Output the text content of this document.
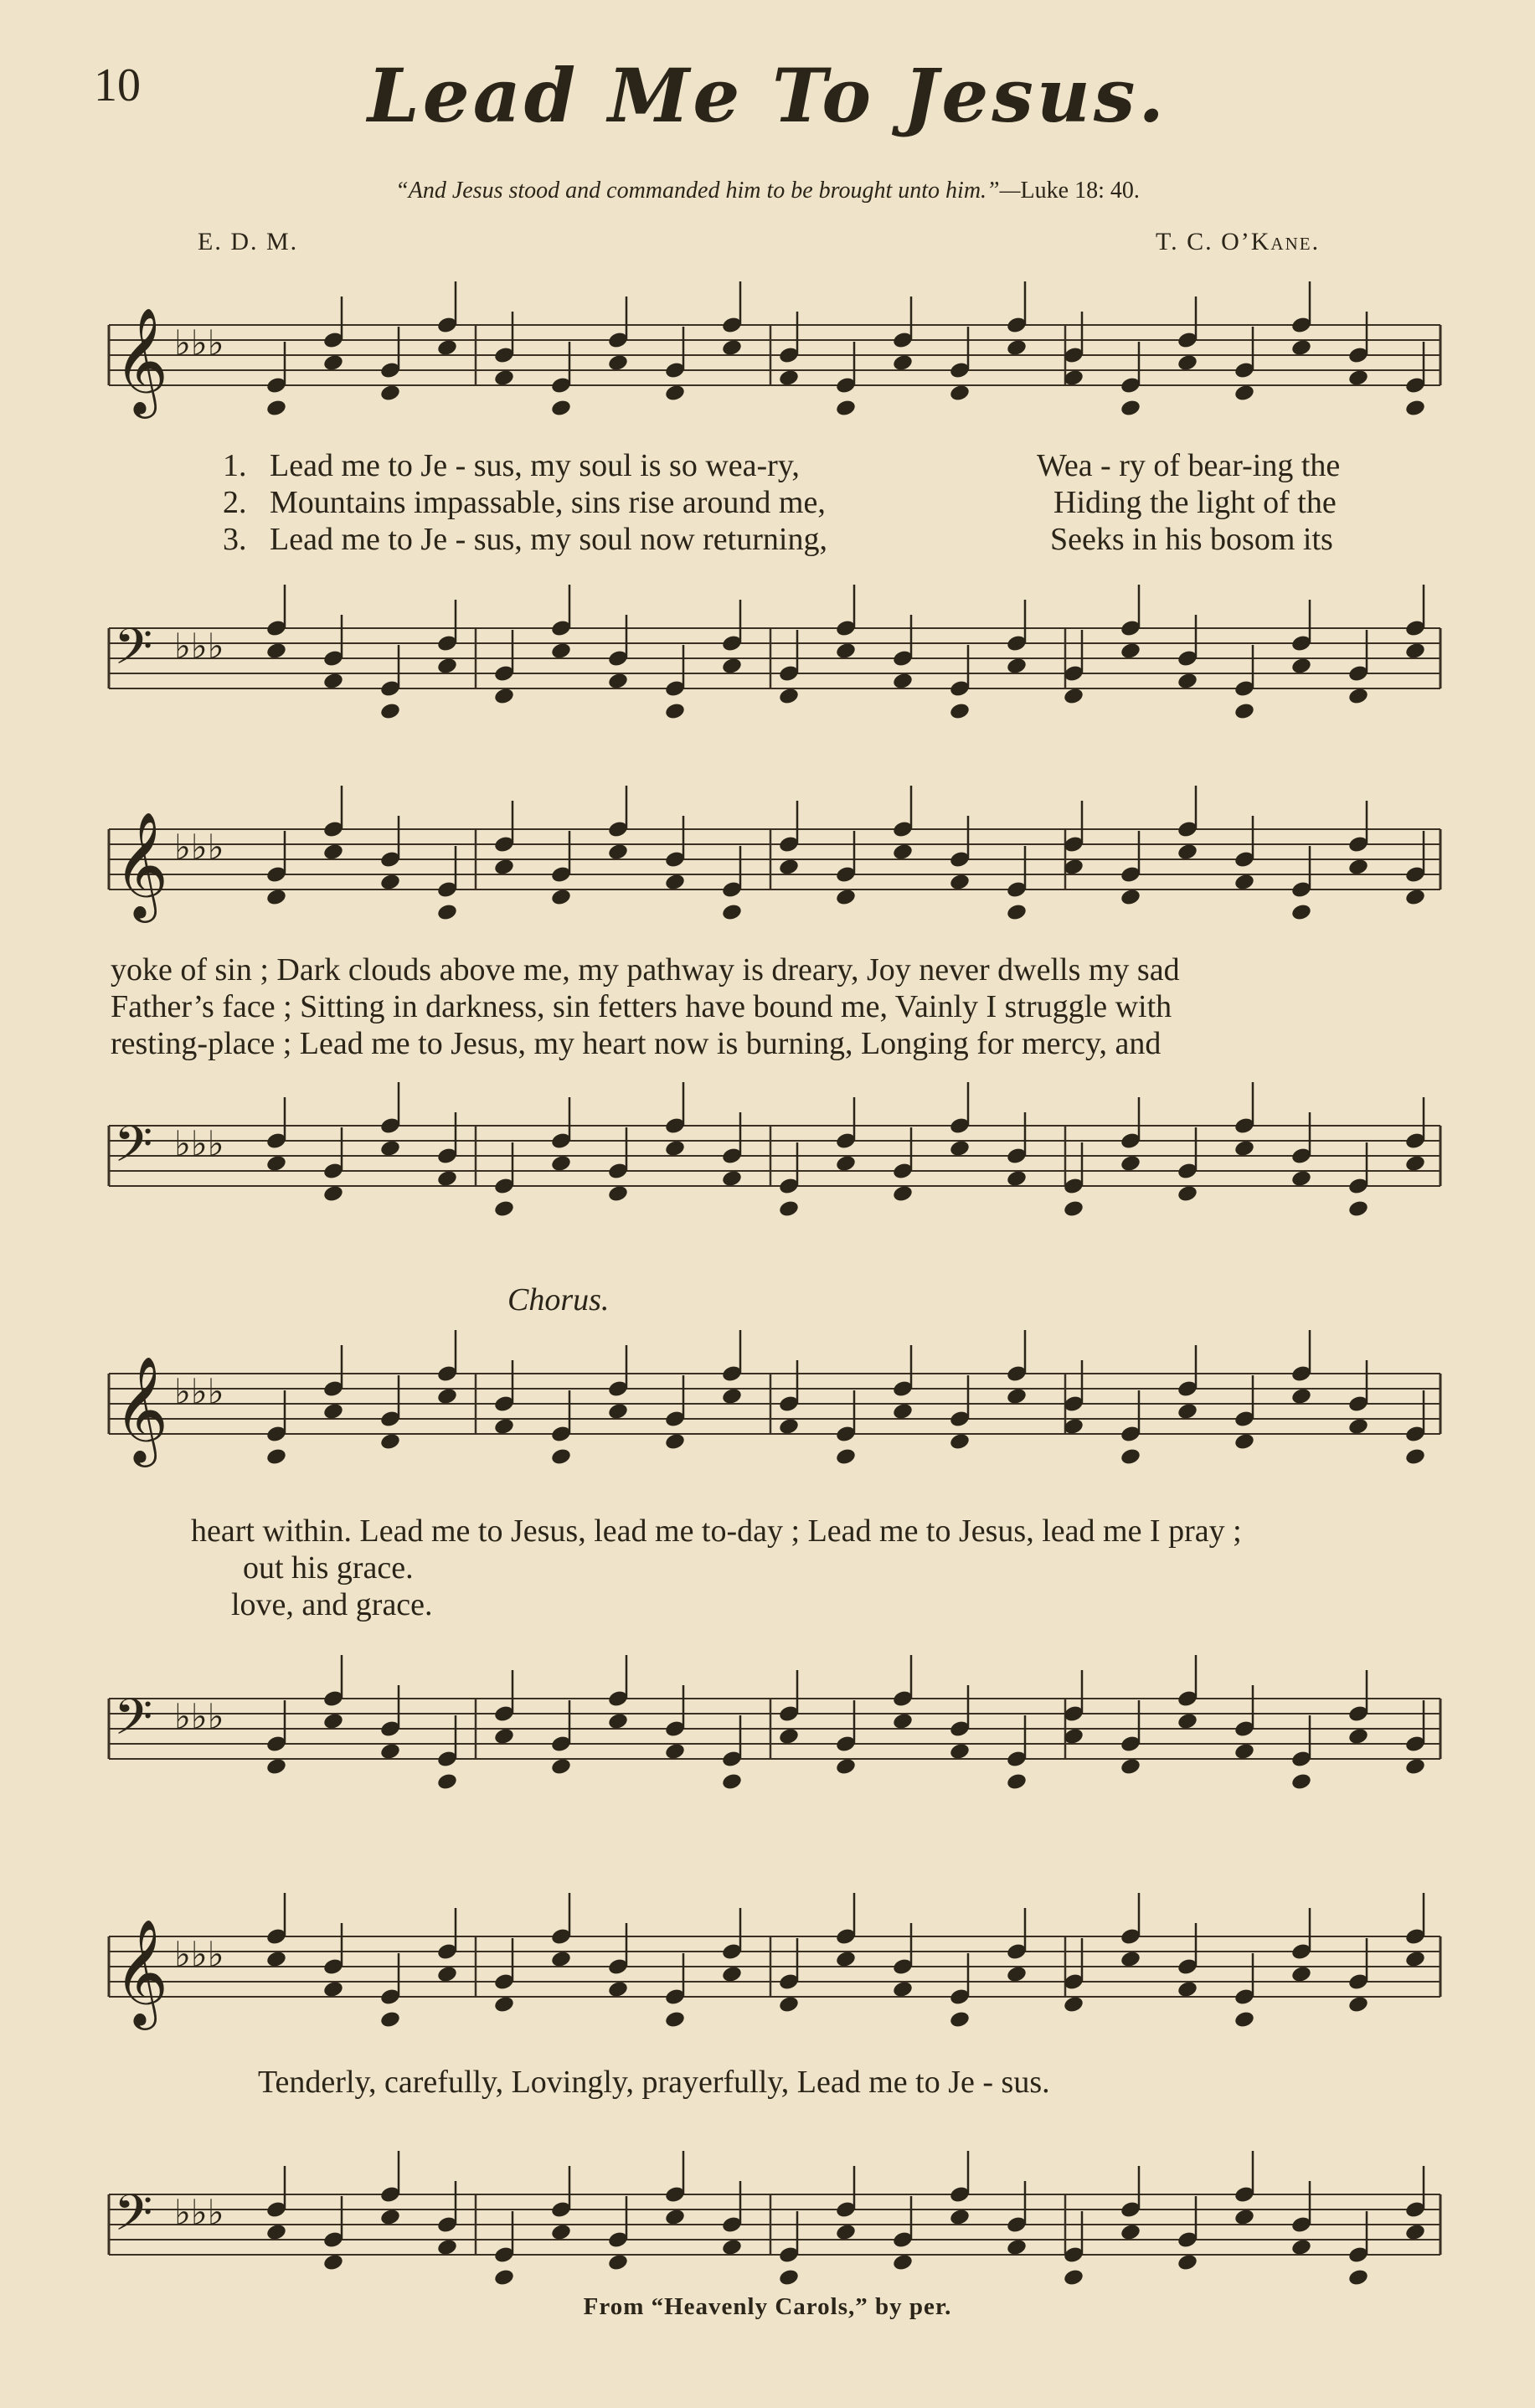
10	Lead Me To Jesus.
“And Jesus stood and commanded him to be brought unto him.”—Luke 18: 40.
E. D. M.	T. C. O’Kane.
𝄞 ♭♭♭
𝄢 ♭♭♭
𝄞 ♭♭♭
𝄢 ♭♭♭
𝄞 ♭♭♭
𝄢 ♭♭♭
𝄞 ♭♭♭
𝄢 ♭♭♭
1. Lead me to Je - sus, my soul is so wea-ry,	Wea - ry of bear-ing the
2. Mountains impassable, sins rise around me,	Hiding the light of the
3. Lead me to Je - sus, my soul now returning,	Seeks in his bosom its
yoke of sin ; Dark clouds above me, my pathway is dreary, Joy never dwells my sad
Father’s face ; Sitting in darkness, sin fetters have bound me, Vainly I struggle with
resting-place ; Lead me to Jesus, my heart now is burning, Longing for mercy, and
Chorus.
heart within. Lead me to Jesus, lead me to-day ; Lead me to Jesus, lead me I pray ;
out his grace.
love, and grace.
Tenderly, carefully, Lovingly, prayerfully, Lead me to Je - sus.
From “Heavenly Carols,” by per.
